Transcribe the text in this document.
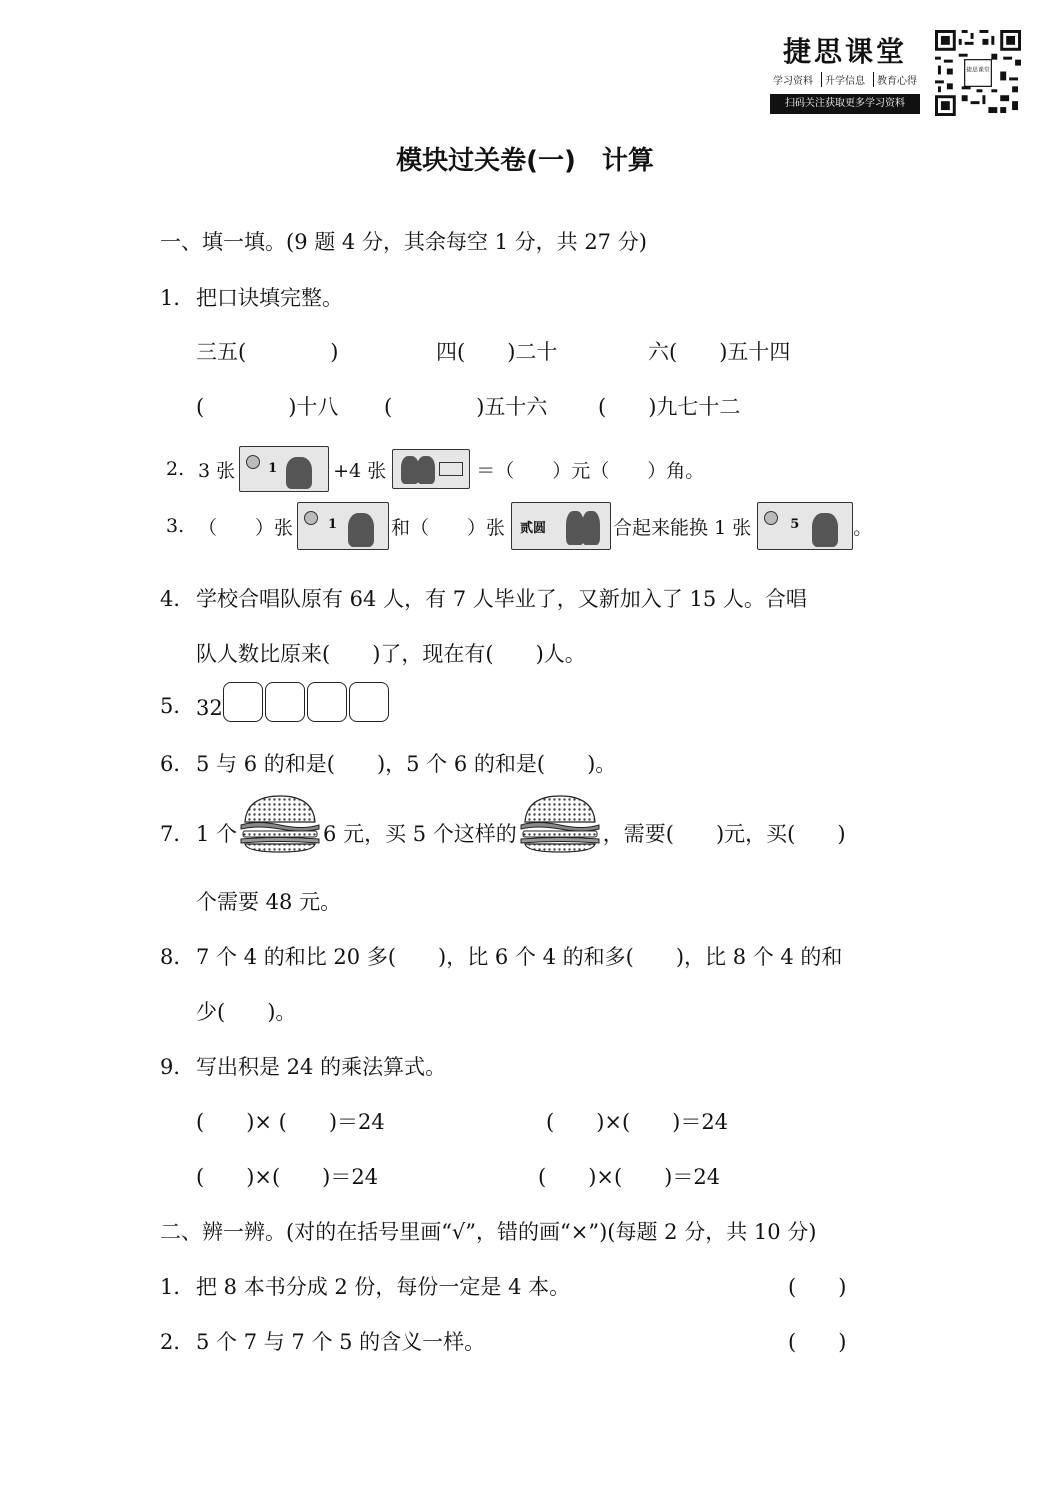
捷思课堂
学习资料	升学信息	教育心得
扫码关注获取更多学习资料
捷思课堂
模块过关卷(一)　计算
一、填一填。(9 题 4 分，其余每空 1 分，共 27 分)
1．把口诀填完整。
三五(　　　　)	四(　　)二十	六(　　)五十四
(　　　　)十八 (　　　　)五十六 (　　)九七十二
2. 3 张	1	+4 张	＝（　　）元（　　）角。
3. （　　）张	1	和（　　）张 贰圆	合起来能换 1 张	5	。
4．学校合唱队原有 64 人，有 7 人毕业了，又新加入了 15 人。合唱
队人数比原来(　　)了，现在有(　　)人。
5． 32
6．5 与 6 的和是(　　)，5 个 6 的和是(　　)。
7． 1 个	6 元，买 5 个这样的	，需要(　　)元，买(　　)
个需要 48 元。
8．7 个 4 的和比 20 多(　　)，比 6 个 4 的和多(　　)，比 8 个 4 的和
少(　　)。
9．写出积是 24 的乘法算式。
(　　)× (　　)＝24	(　　)×(　　)＝24
(　　)×(　　)＝24	(　　)×(　　)＝24
二、辨一辨。(对的在括号里画“√”，错的画“×”)(每题 2 分，共 10 分)
1．把 8 本书分成 2 份，每份一定是 4 本。	(　　)
2．5 个 7 与 7 个 5 的含义一样。	(　　)
